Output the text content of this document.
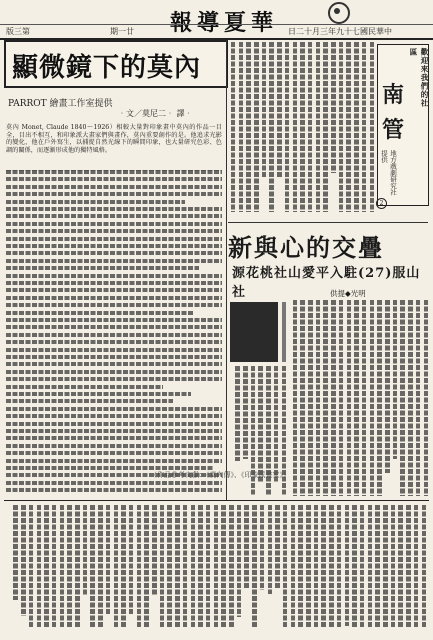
報導夏華
版三第	期一廿	日二十月三年九十七國民華中
顯微鏡下的莫內
PARROT 繪畫工作室提供
‧文／莫尼二‧ 譯‧
莫內 Monet, Claude 1840～1926）相較大量對印象畫中莫內的作品一目全，目出不相互，和印象派大畫家們與畫作，莫內重要創作的是。他追求光影的變化，他在戶外寫生，以捕捉自然光線下的瞬間印象，也大量研究色彩、色調的關係，而逐漸形成他的獨特風格。
歡迎來我們的社區
南
管
地方戲劇研究社提供
2
新與心的交疊
源花桃社山愛平入駐(27)服山社	供提◆光明
（作品參考文獻：《莫內傳》、《印象派畫家》）
